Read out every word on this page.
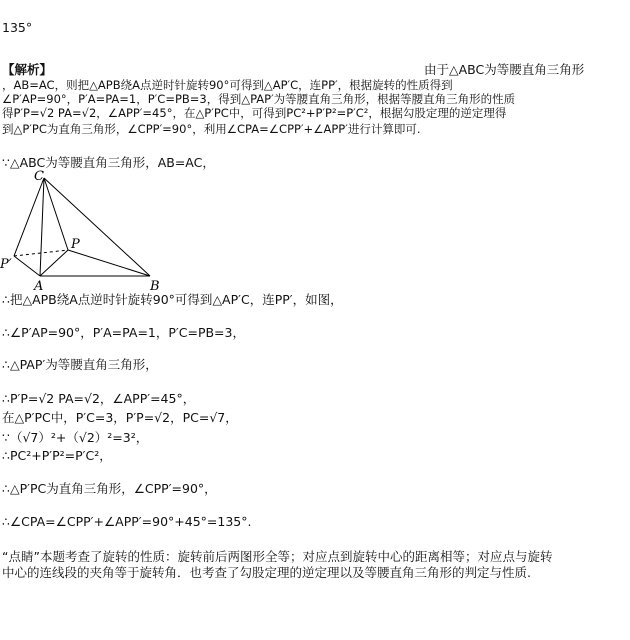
135°
【解析】	由于△ABC为等腰直角三角形
，AB=AC，则把△APB绕A点逆时针旋转90°可得到△AP′C，连PP′，根据旋转的性质得到
∠P′AP=90°，P′A=PA=1，P′C=PB=3，得到△PAP′为等腰直角三角形，根据等腰直角三角形的性质
得P′P=√2 PA=√2，∠APP′=45°，在△P′PC中，可得到PC²+P′P²=P′C²，根据勾股定理的逆定理得
到△P′PC为直角三角形，∠CPP′=90°，利用∠CPA=∠CPP′+∠APP′进行计算即可.
∵△ABC为等腰直角三角形，AB=AC，
C
P
P′
A	B
∴把△APB绕A点逆时针旋转90°可得到△AP′C，连PP′，如图，
∴∠P′AP=90°，P′A=PA=1，P′C=PB=3，
∴△PAP′为等腰直角三角形，
∴P′P=√2 PA=√2，∠APP′=45°，
在△P′PC中，P′C=3，P′P=√2，PC=√7，
∵（√7）²+（√2）²=3²，
∴PC²+P′P²=P′C²，
∴△P′PC为直角三角形，∠CPP′=90°，
∴∠CPA=∠CPP′+∠APP′=90°+45°=135°.
“点睛”本题考查了旋转的性质：旋转前后两图形全等；对应点到旋转中心的距离相等；对应点与旋转
中心的连线段的夹角等于旋转角．也考查了勾股定理的逆定理以及等腰直角三角形的判定与性质.
